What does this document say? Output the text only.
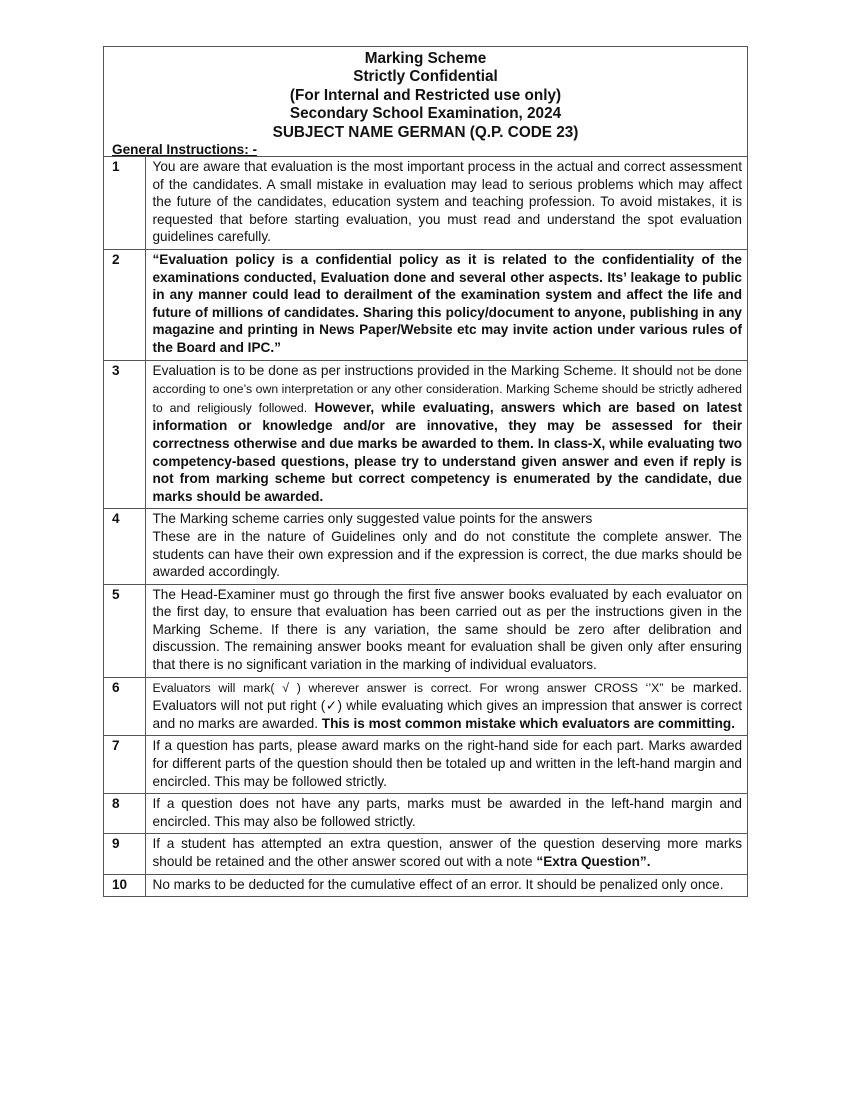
Marking Scheme
Strictly Confidential
(For Internal and Restricted use only)
Secondary School Examination, 2024
SUBJECT NAME GERMAN (Q.P. CODE 23)
General Instructions: -
1	You are aware that evaluation is the most important process in the actual and correct assessment of the candidates. A small mistake in evaluation may lead to serious problems which may affect the future of the candidates, education system and teaching profession. To avoid mistakes, it is requested that before starting evaluation, you must read and understand the spot evaluation guidelines carefully.
2	“Evaluation policy is a confidential policy as it is related to the confidentiality of the examinations conducted, Evaluation done and several other aspects. Its’ leakage to public in any manner could lead to derailment of the examination system and affect the life and future of millions of candidates. Sharing this policy/document to anyone, publishing in any magazine and printing in News Paper/Website etc may invite action under various rules of the Board and IPC.”
3	Evaluation is to be done as per instructions provided in the Marking Scheme. It should not be done according to one’s own interpretation or any other consideration. Marking Scheme should be strictly adhered to and religiously followed. However, while evaluating, answers which are based on latest information or knowledge and/or are innovative, they may be assessed for their correctness otherwise and due marks be awarded to them. In class-X, while evaluating two competency-based questions, please try to understand given answer and even if reply is not from marking scheme but correct competency is enumerated by the candidate, due marks should be awarded.
4	The Marking scheme carries only suggested value points for the answers
These are in the nature of Guidelines only and do not constitute the complete answer. The students can have their own expression and if the expression is correct, the due marks should be awarded accordingly.

5	The Head-Examiner must go through the first five answer books evaluated by each evaluator on the first day, to ensure that evaluation has been carried out as per the instructions given in the Marking Scheme. If there is any variation, the same should be zero after delibration and discussion. The remaining answer books meant for evaluation shall be given only after ensuring that there is no significant variation in the marking of individual evaluators.
6	Evaluators will mark( √ ) wherever answer is correct. For wrong answer CROSS ‘’X” be marked. Evaluators will not put right (✓) while evaluating which gives an impression that answer is correct and no marks are awarded. This is most common mistake which evaluators are committing.
7	If a question has parts, please award marks on the right-hand side for each part. Marks awarded for different parts of the question should then be totaled up and written in the left-hand margin and encircled. This may be followed strictly.
8	If a question does not have any parts, marks must be awarded in the left-hand margin and encircled. This may also be followed strictly.
9	If a student has attempted an extra question, answer of the question deserving more marks should be retained and the other answer scored out with a note “Extra Question”.
10	No marks to be deducted for the cumulative effect of an error. It should be penalized only once.
